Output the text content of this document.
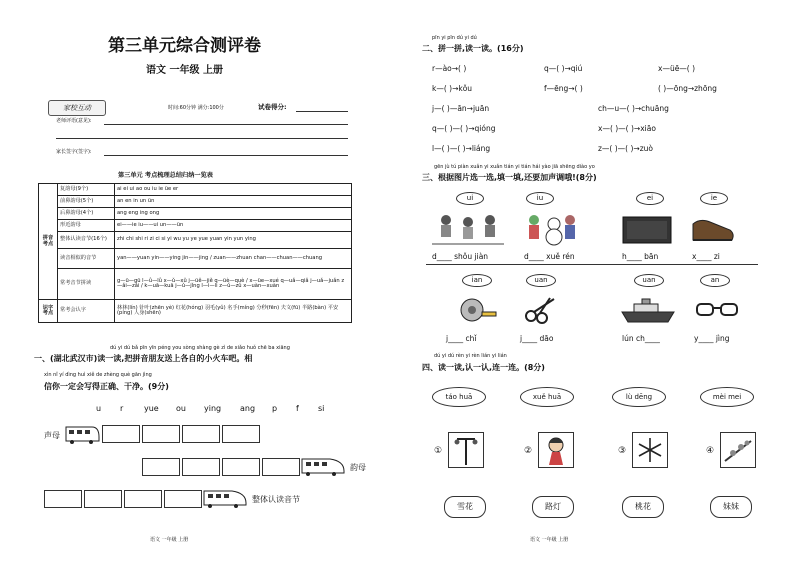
第三单元综合测评卷
语文 一年级 上册
家校互动	时间:60分钟 满分:100分	试卷得分:
老师评语(意见):
家长签字(签字):
第三单元 考点梳理总结归纳一览表
拼音考点	复韵母(9个)	ai ei ui ao ou iu ie üe er
	前鼻韵母(5个)	an en in un ün
	后鼻韵母(4个)	ang eng ing ong
	形近韵母	ei——ie iu——ui un——ün
	整体认读音节(16个)	zhi chi shi ri zi ci si yi wu yu ye yue yuan yin yun ying
	读音相似的音节	yan——yuan yin——ying jin——jing / zuan——zhuan chan——chuan——chuang
	常考音节拼读	g—ū—gū l—ǜ—lǜ x—ǔ—xǔ j—üě—jiě q—üè—què / x—üe—xué q—uǎ—qiǎ j—uǎ—juǎn z—ǎi—zǎi / k—uā—kuā j—ǔ—jǐng l—ì—lì z—ǔ—zǔ x—uàn—xuàn
识字考点	常考会认字	林林(lín) 针叶(zhēn yè) 红花(hóng) 羽毛(yǔ) 名手(míng) 分秒(fēn) 夫文(fū) 半路(bàn) 平安(píng) 人身(shēn)
dú yi dú bǎ pīn yīn péng you sòng shàng gè zì de xiǎo huǒ chē ba xiāng
一、(湖北武汉市)读一读,把拼音朋友送上各自的小火车吧。相
xìn nǐ yí dìng huì xiě de zhèng què gān jìng
信你一定会写得正确、干净。(9分)
u r	yue ou ying ang p f si
声母
韵母
整体认读音节
语文 一年级 上册
pīn yi pīn dú yi dú
二、拼一拼,读一读。(16分)
r—ào→( )	q—( )→qiú	x—üē—( )
k—( )→kǒu	f—ēng→( )	( )—ōng→zhōng
j—( )—ān→juān	ch—u—( )→chuāng
q—( )—( )→qióng	x—( )—( )→xiāo
l—( )—( )→liáng	z—( )—( )→zuò
gēn jù tú piàn xuǎn yi xuǎn tián yi tián hái yào jiā shēng diào yo
三、根据图片选一选,填一填,还要加声调哦!(8分)
ui	iu	ei	ie
d____ shǒu jiàn	d____ xuě rén	h____ bān	x____ zi
ian	uan	uan	an
j____ chǐ	j____ dāo	lún ch____	y____ jìng
dú yi dú rèn yi rèn lián yi lián
四、读一读,认一认,连一连。(8分)
táo huā	xuě huā	lù dēng	mèi mei
①	②	③	④
雪花	路灯	桃花	妹妹
语文 一年级 上册
